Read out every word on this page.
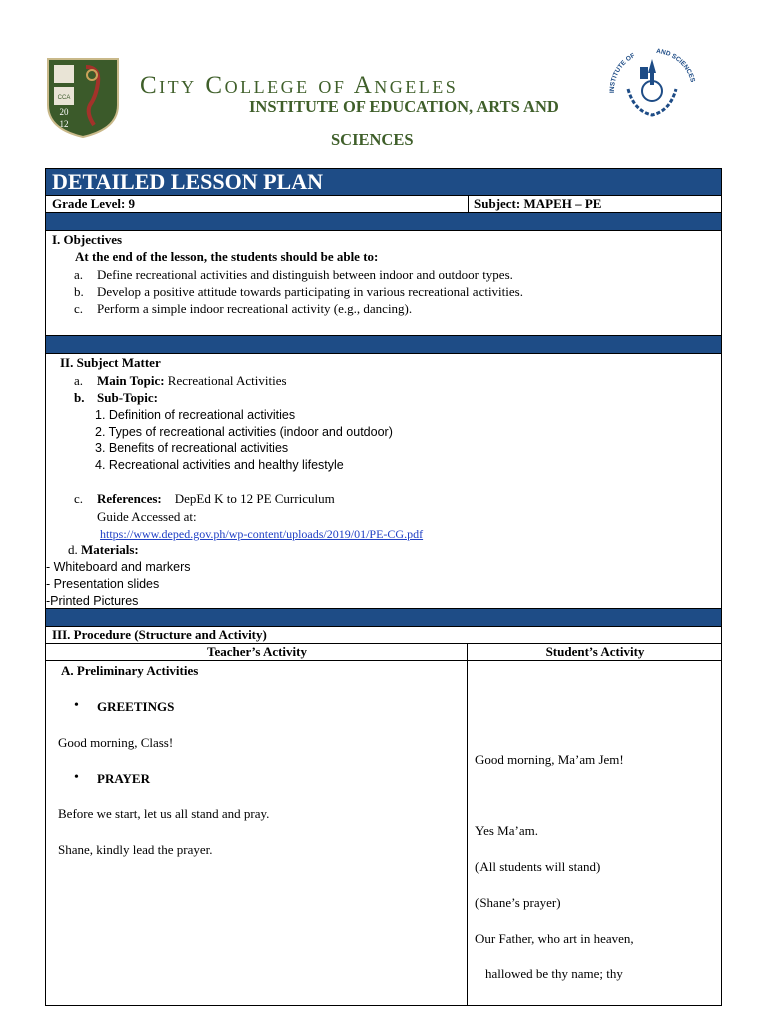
CCA
20
12
City College of Angeles
INSTITUTE OF EDUCATION, ARTS AND
SCIENCES
INSTITUTE OF
AND SCIENCES
DETAILED LESSON PLAN
Grade Level: 9	Subject: MAPEH – PE
I. Objectives
At the end of the lesson, the students should be able to:
a. Define recreational activities and distinguish between indoor and outdoor types.
b. Develop a positive attitude towards participating in various recreational activities.
c. Perform a simple indoor recreational activity (e.g., dancing).
II. Subject Matter
a. Main Topic: Recreational Activities
b. Sub-Topic:
1. Definition of recreational activities
2. Types of recreational activities (indoor and outdoor)
3. Benefits of recreational activities
4. Recreational activities and healthy lifestyle
c. References: DepEd K to 12 PE Curriculum
Guide Accessed at:
https://www.deped.gov.ph/wp-content/uploads/2019/01/PE-CG.pdf
d. Materials:
- Whiteboard and markers
- Presentation slides
-Printed Pictures
III. Procedure (Structure and Activity)
Teacher’s Activity	Student’s Activity
A. Preliminary Activities
• GREETINGS
Good morning, Class!
• PRAYER
Before we start, let us all stand and pray.
Shane, kindly lead the prayer.
Good morning, Ma’am Jem!
Yes Ma’am.
(All students will stand)
(Shane’s prayer)
Our Father, who art in heaven,
hallowed be thy name; thy
